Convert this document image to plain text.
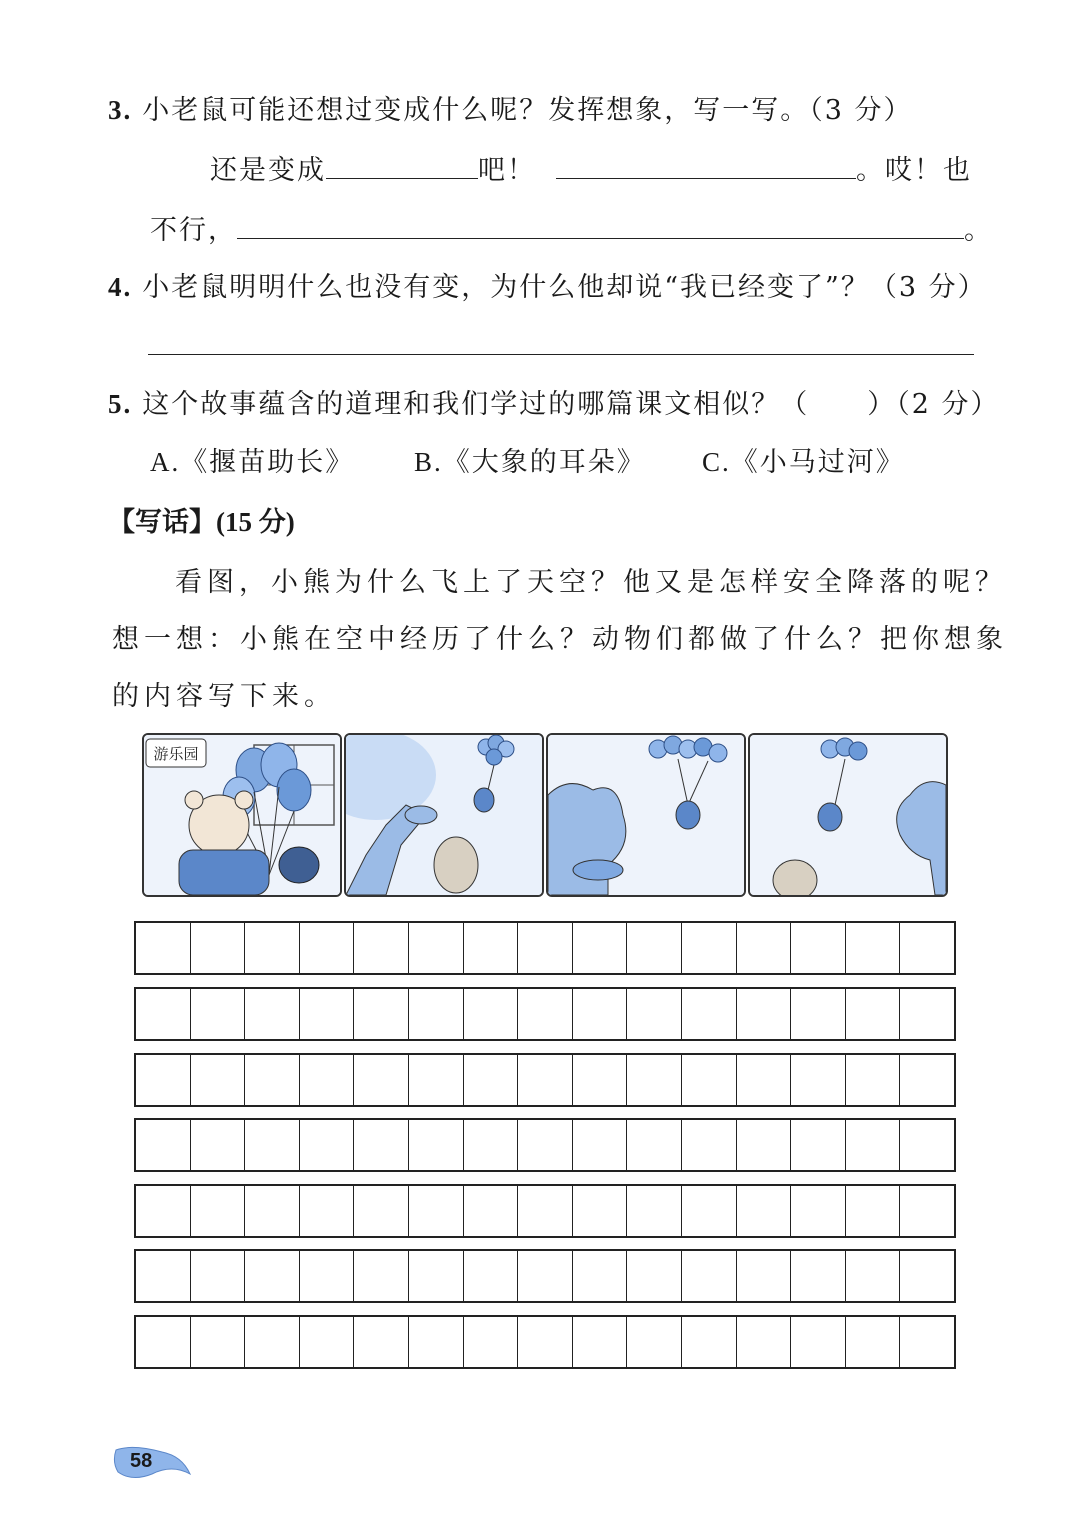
3. 小老鼠可能还想过变成什么呢？发挥想象，写一写。（3 分）
还是变成	吧！	。哎！也
不行，	。
4. 小老鼠明明什么也没有变，为什么他却说“我已经变了”？（3 分）
5. 这个故事蕴含的道理和我们学过的哪篇课文相似？（　　）（2 分）
A.《揠苗助长》 B.《大象的耳朵》 C.《小马过河》
【写话】(15 分)
看图，小熊为什么飞上了天空？他又是怎样安全降落的呢？
想一想：小熊在空中经历了什么？动物们都做了什么？把你想象
的内容写下来。
游乐园
58
